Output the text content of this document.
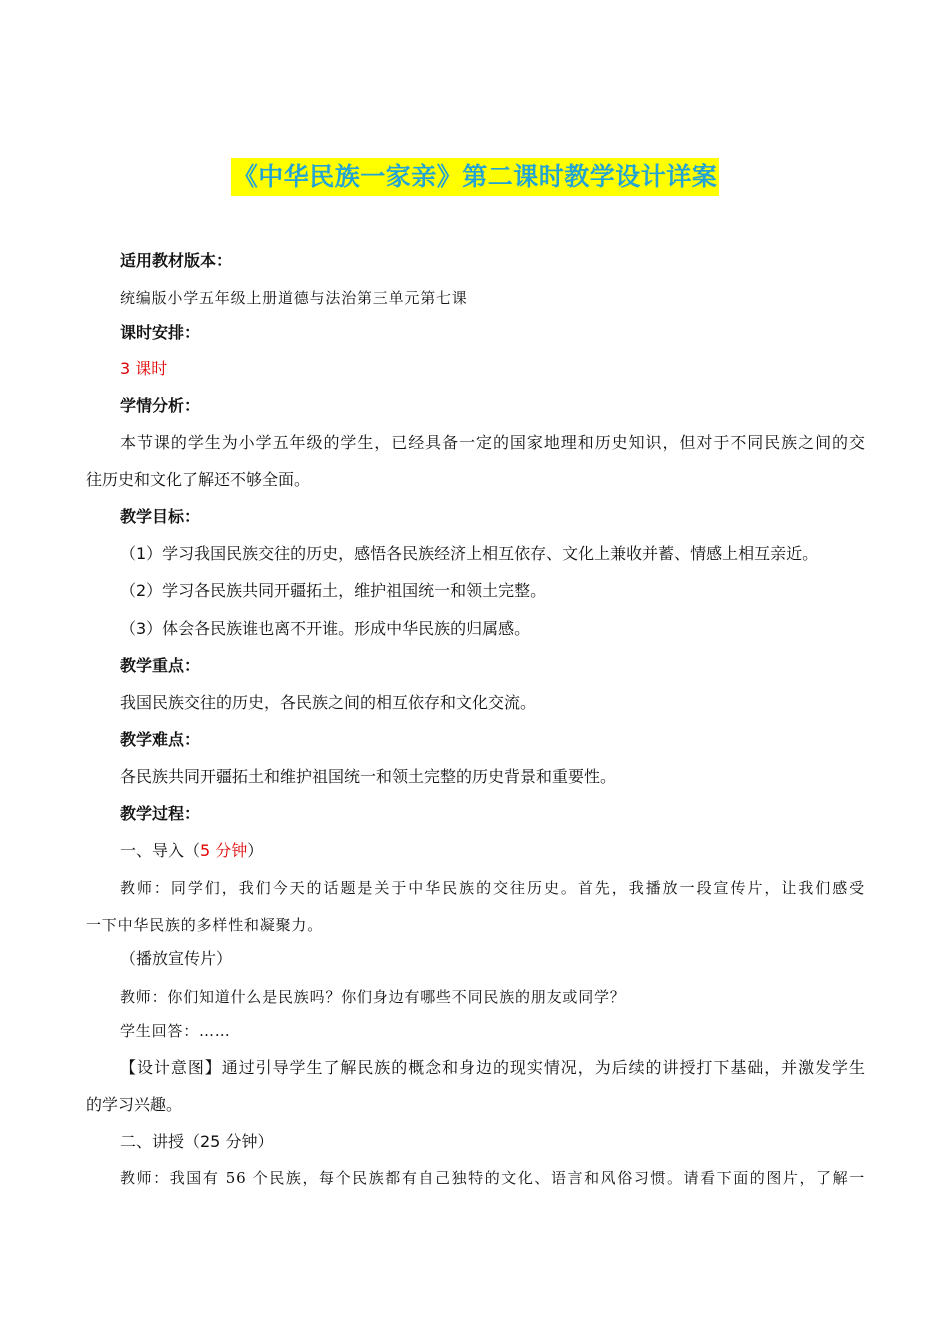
《中华民族一家亲》第二课时教学设计详案
适用教材版本：
统编版小学五年级上册道德与法治第三单元第七课
课时安排：
3 课时
学情分析：
本节课的学生为小学五年级的学生，已经具备一定的国家地理和历史知识，但对于不同民族之间的交
往历史和文化了解还不够全面。
教学目标：
（1）学习我国民族交往的历史，感悟各民族经济上相互依存、文化上兼收并蓄、情感上相互亲近。
（2）学习各民族共同开疆拓土，维护祖国统一和领土完整。
（3）体会各民族谁也离不开谁。形成中华民族的归属感。
教学重点：
我国民族交往的历史，各民族之间的相互依存和文化交流。
教学难点：
各民族共同开疆拓土和维护祖国统一和领土完整的历史背景和重要性。
教学过程：
一、导入（5 分钟）
教师：同学们，我们今天的话题是关于中华民族的交往历史。首先，我播放一段宣传片，让我们感受
一下中华民族的多样性和凝聚力。
（播放宣传片）
教师：你们知道什么是民族吗？你们身边有哪些不同民族的朋友或同学？
学生回答：……
【设计意图】通过引导学生了解民族的概念和身边的现实情况，为后续的讲授打下基础，并激发学生
的学习兴趣。
二、讲授（25 分钟）
教师：我国有 56 个民族，每个民族都有自己独特的文化、语言和风俗习惯。请看下面的图片，了解一
